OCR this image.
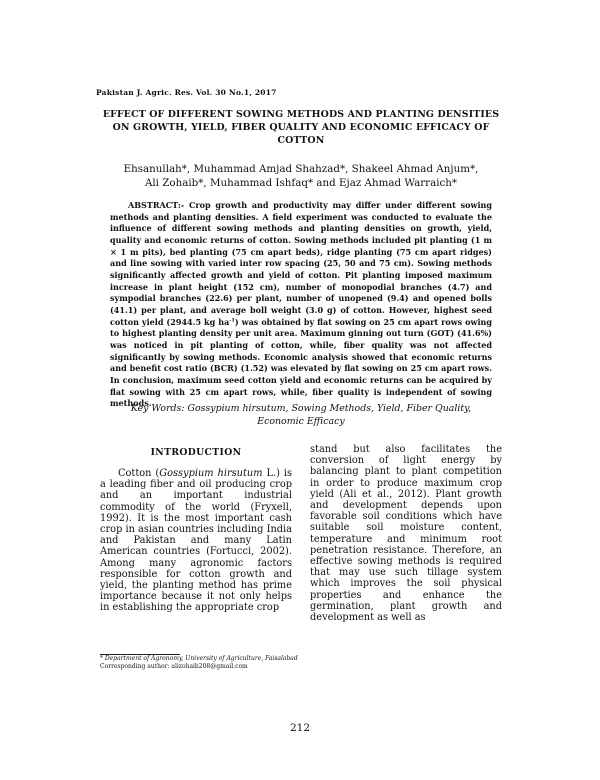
Pakistan J. Agric. Res. Vol. 30 No.1, 2017
EFFECT OF DIFFERENT SOWING METHODS AND PLANTING DENSITIES ON GROWTH, YIELD, FIBER QUALITY AND ECONOMIC EFFICACY OF COTTON
Ehsanullah*, Muhammad Amjad Shahzad*, Shakeel Ahmad Anjum*,
Ali Zohaib*, Muhammad Ishfaq* and Ejaz Ahmad Warraich*
ABSTRACT:- Crop growth and productivity may differ under different sowing methods and planting densities. A field experiment was conducted to evaluate the influence of different sowing methods and planting densities on growth, yield, quality and economic returns of cotton. Sowing methods included pit planting (1 m × 1 m pits), bed planting (75 cm apart beds), ridge planting (75 cm apart ridges) and line sowing with varied inter row spacing (25, 50 and 75 cm). Sowing methods significantly affected growth and yield of cotton. Pit planting imposed maximum increase in plant height (152 cm), number of monopodial branches (4.7) and sympodial branches (22.6) per plant, number of unopened (9.4) and opened bolls (41.1) per plant, and average boll weight (3.0 g) of cotton. However, highest seed cotton yield (2944.5 kg $ha^{-1}$) was obtained by flat sowing on 25 cm apart rows owing to highest planting density per unit area. Maximum ginning out turn (GOT) (41.6%) was noticed in pit planting of cotton, while, fiber quality was not affected significantly by sowing methods. Economic analysis showed that economic returns and benefit cost ratio (BCR) (1.52) was elevated by flat sowing on 25 cm apart rows. In conclusion, maximum seed cotton yield and economic returns can be acquired by flat sowing with 25 cm apart rows, while, fiber quality is independent of sowing methods.
Key Words: Gossypium hirsutum, Sowing Methods, Yield, Fiber Quality,
Economic Efficacy
INTRODUCTION

Cotton (Gossypium hirsutum L.) is a leading fiber and oil producing crop and an important industrial commodity of the world (Fryxell, 1992). It is the most important cash crop in asian countries including India and Pakistan and many Latin American countries (Fortucci, 2002). Among many agronomic factors responsible for cotton growth and yield, the planting method has prime importance because it not only helps in establishing the appropriate crop

stand but also facilitates the conversion of light energy by balancing plant to plant competition in order to produce maximum crop yield (Ali et al., 2012). Plant growth and development depends upon favorable soil conditions which have suitable soil moisture content, temperature and minimum root penetration resistance. Therefore, an effective sowing methods is required that may use such tillage system which improves the soil physical properties and enhance the germination, plant growth and development as well as

* Department of Agronomy, University of Agriculture, Faisalabad
Corresponding author: alizohaib208@gmail.com
212
